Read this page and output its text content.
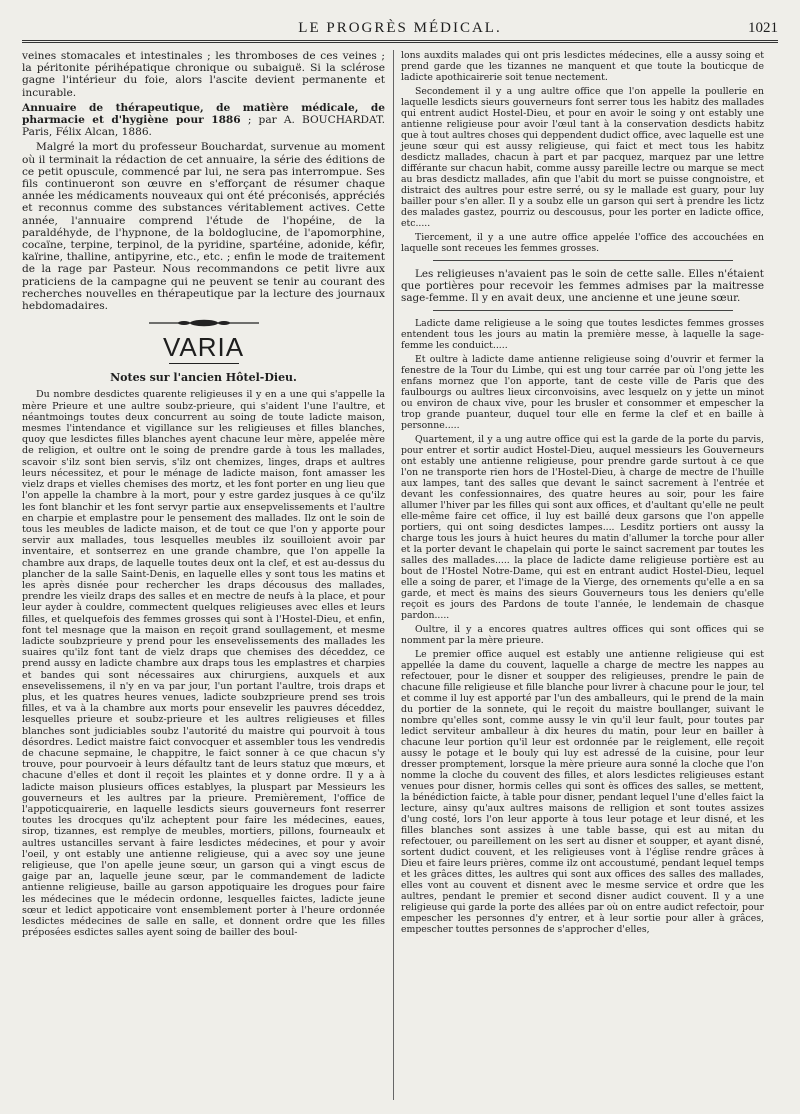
LE PROGRÈS MÉDICAL.	1021

veines stomacales et intestinales ; les thromboses de ces veines ; la péritonite périhépatique chronique ou subaiguë. Si la sclérose gagne l'intérieur du foie, alors l'ascite devient permanente et incurable.

Annuaire de thérapeutique, de matière médicale, de pharmacie et d'hygiène pour 1886 ; par A. BOUCHARDAT. Paris, Félix Alcan, 1886.

Malgré la mort du professeur Bouchardat, survenue au moment où il terminait la rédaction de cet annuaire, la série des éditions de ce petit opuscule, commencé par lui, ne sera pas interrompue. Ses fils continueront son œuvre en s'efforçant de résumer chaque année les médicaments nouveaux qui ont été préconisés, appréciés et reconnus comme des substances véritablement actives. Cette année, l'annuaire comprend l'étude de l'hopéine, de la paraldéhyde, de l'hypnone, de la boldoglucine, de l'apomorphine, cocaïne, terpine, terpinol, de la pyridine, spartéine, adonide, kéfir, kaïrine, thalline, antipyrine, etc., etc. ; enfin le mode de traitement de la rage par Pasteur. Nous recommandons ce petit livre aux praticiens de la campagne qui ne peuvent se tenir au courant des recherches nouvelles en thérapeutique par la lecture des journaux hebdomadaires.

VARIA
Notes sur l'ancien Hôtel-Dieu.

Du nombre desdictes quarente religieuses il y en a une qui s'appelle la mère Prieure et une aultre soubz-prieure, qui s'aident l'une l'aultre, et néantmoings toutes deux concurrent au soing de toute ladicte maison, mesmes l'intendance et vigillance sur les religieuses et filles blanches, quoy que lesdictes filles blanches ayent chacune leur mère, appelée mère de religion, et oultre ont le soing de prendre garde à tous les mallades, scavoir s'ilz sont bien servis, s'ilz ont chemizes, linges, draps et aultres leurs nécessitez, et pour le ménage de ladicte maison, font amasser les vielz draps et vielles chemises des mortz, et les font porter en ung lieu que l'on appelle la chambre à la mort, pour y estre gardez jusques à ce qu'ilz les font blanchir et les font servyr partie aux ensepvelissements et l'aultre en charpie et emplastre pour le pensement des mallades. Ilz ont le soin de tous les meubles de ladicte maison, et de tout ce que l'on y apporte pour servir aux mallades, tous lesquelles meubles ilz souilloient avoir par inventaire, et sontserrez en une grande chambre, que l'on appelle la chambre aux draps, de laquelle toutes deux ont la clef, et est au-dessus du plancher de la salle Saint-Denis, en laquelle elles y sont tous les matins et les après disnée pour rechercher les draps décousus des mallades, prendre les vieilz draps des salles et en mectre de neufs à la place, et pour leur ayder à couldre, commectent quelques religieuses avec elles et leurs filles, et quelquefois des femmes grosses qui sont à l'Hostel-Dieu, et enfin, font tel mesnage que la maison en reçoit grand soullagement, et mesme ladicte soubzprieure y prend pour les ensevelissements des mallades les suaires qu'ilz font tant de vielz draps que chemises des déceddez, ce prend aussy en ladicte chambre aux draps tous les emplastres et charpies et bandes qui sont nécessaires aux chirurgiens, auxquels et aux ensevelissemens, il n'y en va par jour, l'un portant l'aultre, trois draps et plus, et les quatres heures venues, ladicte soubzprieure prend ses trois filles, et va à la chambre aux morts pour ensevelir les pauvres déceddez, lesquelles prieure et soubz-prieure et les aultres religieuses et filles blanches sont judiciables soubz l'autorité du maistre qui pourvoit à tous désordres. Ledict maistre faict convocquer et assembler tous les vendredis de chacune sepmaine, le chappitre, le faict sonner à ce que chacun s'y trouve, pour pourvoeir à leurs défaultz tant de leurs statuz que mœurs, et chacune d'elles et dont il reçoit les plaintes et y donne ordre. Il y a à ladicte maison plusieurs offices establyes, la pluspart par Messieurs les gouverneurs et les aultres par la prieure. Premièrement, l'office de l'appoticquairerie, en laquelle lesdicts sieurs gouverneurs font reserrer toutes les drocques qu'ilz acheptent pour faire les médecines, eaues, sirop, tizannes, est remplye de meubles, mortiers, pillons, fourneaulx et aultres ustancilles servant à faire lesdictes médecines, et pour y avoir l'oeil, y ont estably une antienne religieuse, qui a avec soy une jeune religieuse, que l'on apelle jeune sœur, un garson qui a vingt escus de gaige par an, laquelle jeune sœur, par le commandement de ladicte antienne religieuse, baille au garson appotiquaire les drogues pour faire les médecines que le médecin ordonne, lesquelles faictes, ladicte jeune sœur et ledict appoticaire vont ensemblement porter à l'heure ordonnée lesdictes médecines de salle en salle, et donnent ordre que les filles préposées esdictes salles ayent soing de bailler des boul-

lons auxdits malades qui ont pris lesdictes médecines, elle a aussy soing et prend garde que les tizannes ne manquent et que toute la bouticque de ladicte apothicairerie soit tenue nectement.

Secondement il y a ung aultre office que l'on appelle la poullerie en laquelle lesdicts sieurs gouverneurs font serrer tous les habitz des mallades qui entrent audict Hostel-Dieu, et pour en avoir le soing y ont estably une antienne religieuse pour avoir l'œul tant à la conservation desdicts habitz que à tout aultres choses qui deppendent dudict office, avec laquelle est une jeune sœur qui est aussy religieuse, qui faict et mect tous les habitz desdictz mallades, chacun à part et par pacquez, marquez par une lettre différante sur chacun habit, comme aussy pareille lectre ou marque se mect au bras desdictz mallades, afin que l'abit du mort se puisse congnoistre, et distraict des aultres pour estre serré, ou sy le mallade est guary, pour luy bailler pour s'en aller. Il y a soubz elle un garson qui sert à prendre les lictz des malades gastez, pourriz ou descousus, pour les porter en ladicte office, etc.....

Tiercement, il y a une autre office appelée l'office des accouchées en laquelle sont receues les femmes grosses.

Les religieuses n'avaient pas le soin de cette salle. Elles n'étaient que portières pour recevoir les femmes admises par la maitresse sage-femme. Il y en avait deux, une ancienne et une jeune sœur.

Ladicte dame religieuse a le soing que toutes lesdictes femmes grosses entendent tous les jours au matin la première messe, à laquelle la sage-femme les conduict.....

Et oultre à ladicte dame antienne religieuse soing d'ouvrir et fermer la fenestre de la Tour du Limbe, qui est ung tour carrée par où l'ong jette les enfans mornez que l'on apporte, tant de ceste ville de Paris que des faulbourgs ou aultres lieux circonvoisins, avec lesquelz on y jette un minot ou environ de chaux vive, pour les brusler et consommer et empescher la trop grande puanteur, duquel tour elle en ferme la clef et en baille à personne.....

Quartement, il y a ung autre office qui est la garde de la porte du parvis, pour entrer et sortir audict Hostel-Dieu, auquel messieurs les Gouverneurs ont estably une antienne religieuse, pour prendre garde surtout à ce que l'on ne transporte rien hors de l'Hostel-Dieu, à charge de mectre de l'huille aux lampes, tant des salles que devant le sainct sacrement à l'entrée et devant les confessionnaires, des quatre heures au soir, pour les faire allumer l'hiver par les filles qui sont aux offices, et d'aultant qu'elle ne peult elle-même faire cet office, il luy est baillé deux garsons que l'on appelle portiers, qui ont soing desdictes lampes.... Lesditz portiers ont aussy la charge tous les jours à huict heures du matin d'allumer la torche pour aller et la porter devant le chapelain qui porte le sainct sacrement par toutes les salles des mallades..... la place de ladicte dame religieuse portière est au bout de l'Hostel Notre-Dame, qui est en entrant audict Hostel-Dieu, lequel elle a soing de parer, et l'image de la Vierge, des ornements qu'elle a en sa garde, et mect ès mains des sieurs Gouverneurs tous les deniers qu'elle reçoit es jours des Pardons de toute l'année, le lendemain de chasque pardon.....

Oultre, il y a encores quatres aultres offices qui sont offices qui se nomment par la mère prieure.

Le premier office auquel est estably une antienne religieuse qui est appellée la dame du couvent, laquelle a charge de mectre les nappes au refectouer, pour le disner et soupper des religieuses, prendre le pain de chacune fille religieuse et fille blanche pour livrer à chacune pour le jour, tel et comme il luy est apporté par l'un des amballeurs, qui le prend de la main du portier de la sonnete, qui le reçoit du maistre boullanger, suivant le nombre qu'elles sont, comme aussy le vin qu'il leur fault, pour toutes par ledict serviteur amballeur à dix heures du matin, pour leur en bailler à chacune leur portion qu'il leur est ordonnée par le reiglement, elle reçoit aussy le potage et le bouly qui luy est adressé de la cuisine, pour leur dresser promptement, lorsque la mère prieure aura sonné la cloche que l'on nomme la cloche du couvent des filles, et alors lesdictes religieuses estant venues pour disner, hormis celles qui sont ès offices des salles, se mettent, la bénédiction faicte, à table pour disner, pendant lequel l'une d'elles faict la lecture, ainsy qu'aux aultres maisons de relligion et sont toutes assizes d'ung costé, lors l'on leur apporte à tous leur potage et leur disné, et les filles blanches sont assizes à une table basse, qui est au mitan du refectouer, ou pareillement on les sert au disner et soupper, et ayant disné, sortent dudict couvent, et les religieuses vont à l'église rendre grâces à Dieu et faire leurs prières, comme ilz ont accoustumé, pendant lequel temps et les grâces dittes, les aultres qui sont aux offices des salles des mallades, elles vont au couvent et disnent avec le mesme service et ordre que les aultres, pendant le premier et second disner audict couvent. Il y a une religieuse qui garde la porte des allées par où on entre audict refectoir, pour empescher les personnes d'y entrer, et à leur sortie pour aller à grâces, empescher touttes personnes de s'approcher d'elles,
